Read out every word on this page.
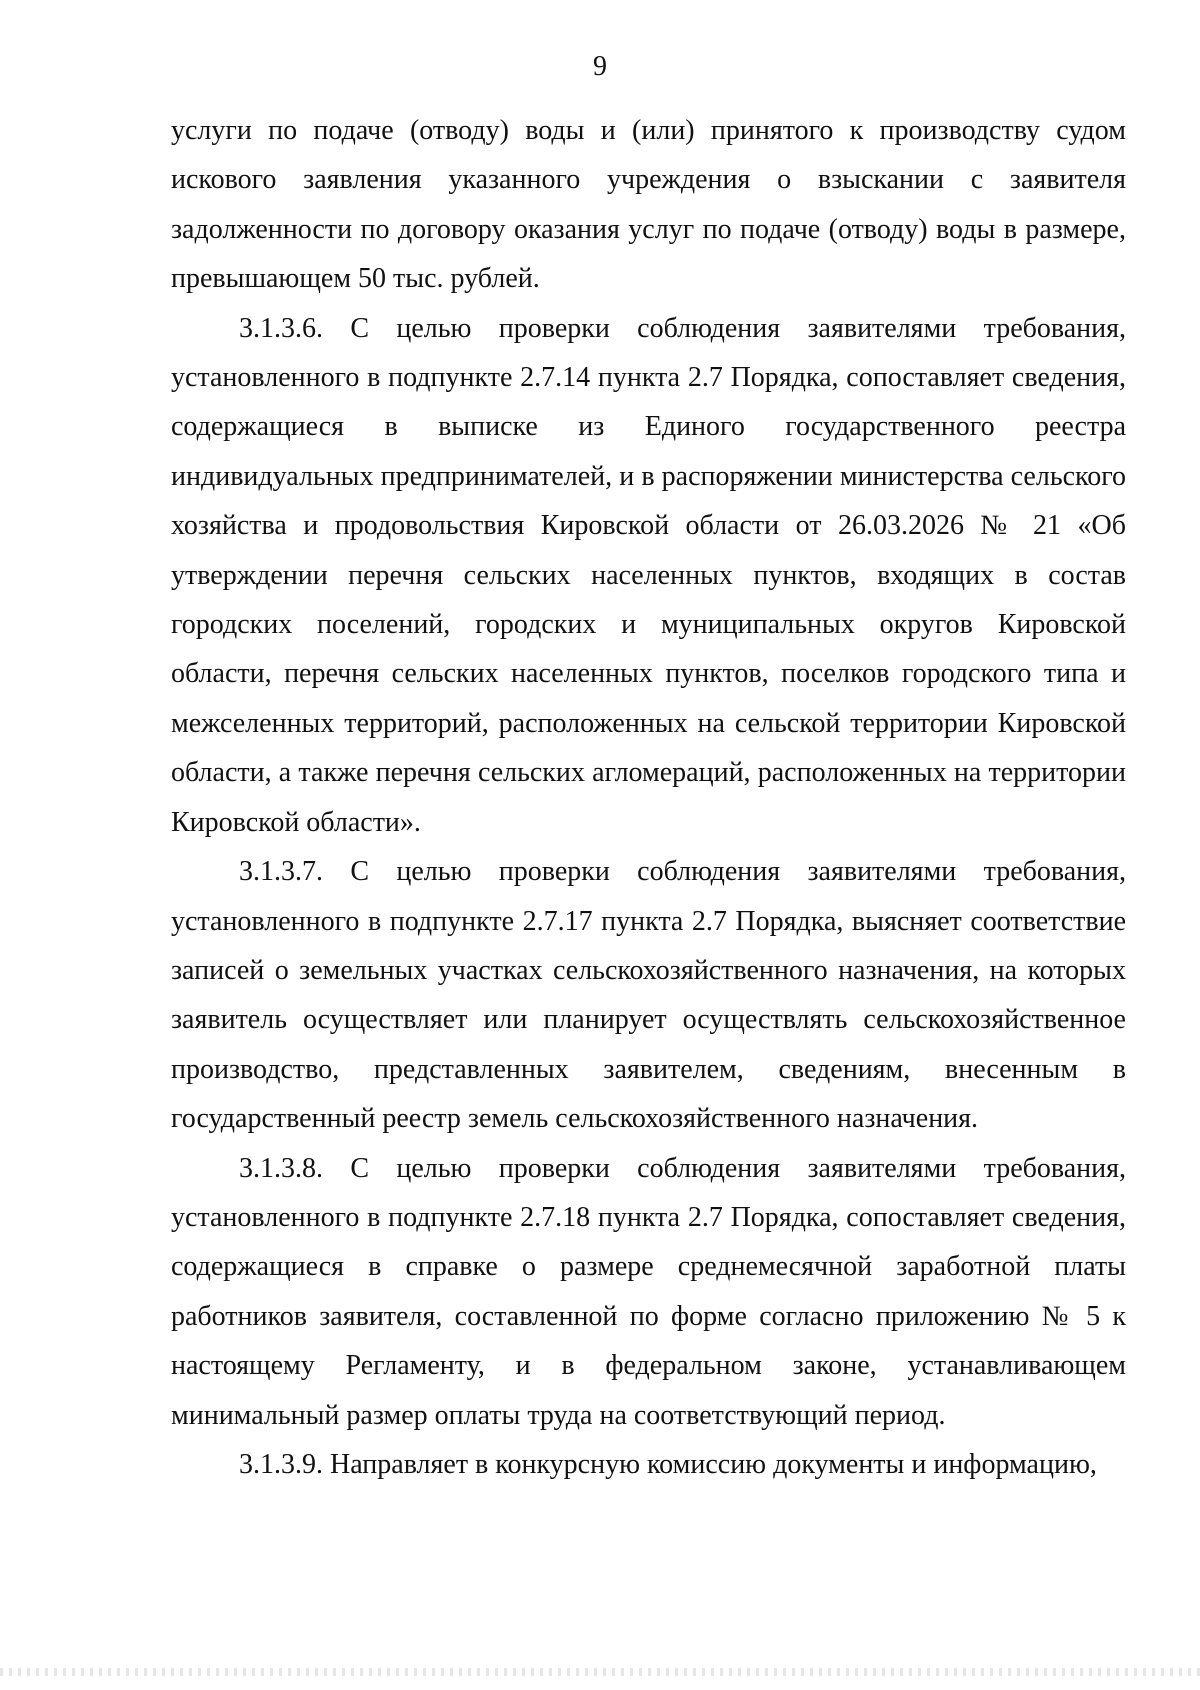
9

услуги по подаче (отводу) воды и (или) принятого к производству судом искового заявления указанного учреждения о взыскании с заявителя задолженности по договору оказания услуг по подаче (отводу) воды в размере, превышающем 50 тыс. рублей.

3.1.3.6. С целью проверки соблюдения заявителями требования, установленного в подпункте 2.7.14 пункта 2.7 Порядка, сопоставляет сведения, содержащиеся в выписке из Единого государственного реестра индивидуальных предпринимателей, и в распоряжении министерства сельского хозяйства и продовольствия Кировской области от 26.03.2026 № 21 «Об утверждении перечня сельских населенных пунктов, входящих в состав городских поселений, городских и муниципальных округов Кировской области, перечня сельских населенных пунктов, поселков городского типа и межселенных территорий, расположенных на сельской территории Кировской области, а также перечня сельских агломераций, расположенных на территории Кировской области».

3.1.3.7. С целью проверки соблюдения заявителями требования, установленного в подпункте 2.7.17 пункта 2.7 Порядка, выясняет соответствие записей о земельных участках сельскохозяйственного назначения, на которых заявитель осуществляет или планирует осуществлять сельскохозяйственное производство, представленных заявителем, сведениям, внесенным в государственный реестр земель сельскохозяйственного назначения.

3.1.3.8. С целью проверки соблюдения заявителями требования, установленного в подпункте 2.7.18 пункта 2.7 Порядка, сопоставляет сведения, содержащиеся в справке о размере среднемесячной заработной платы работников заявителя, составленной по форме согласно приложению № 5 к настоящему Регламенту, и в федеральном законе, устанавливающем минимальный размер оплаты труда на соответствующий период.

3.1.3.9. Направляет в конкурсную комиссию документы и информацию,
